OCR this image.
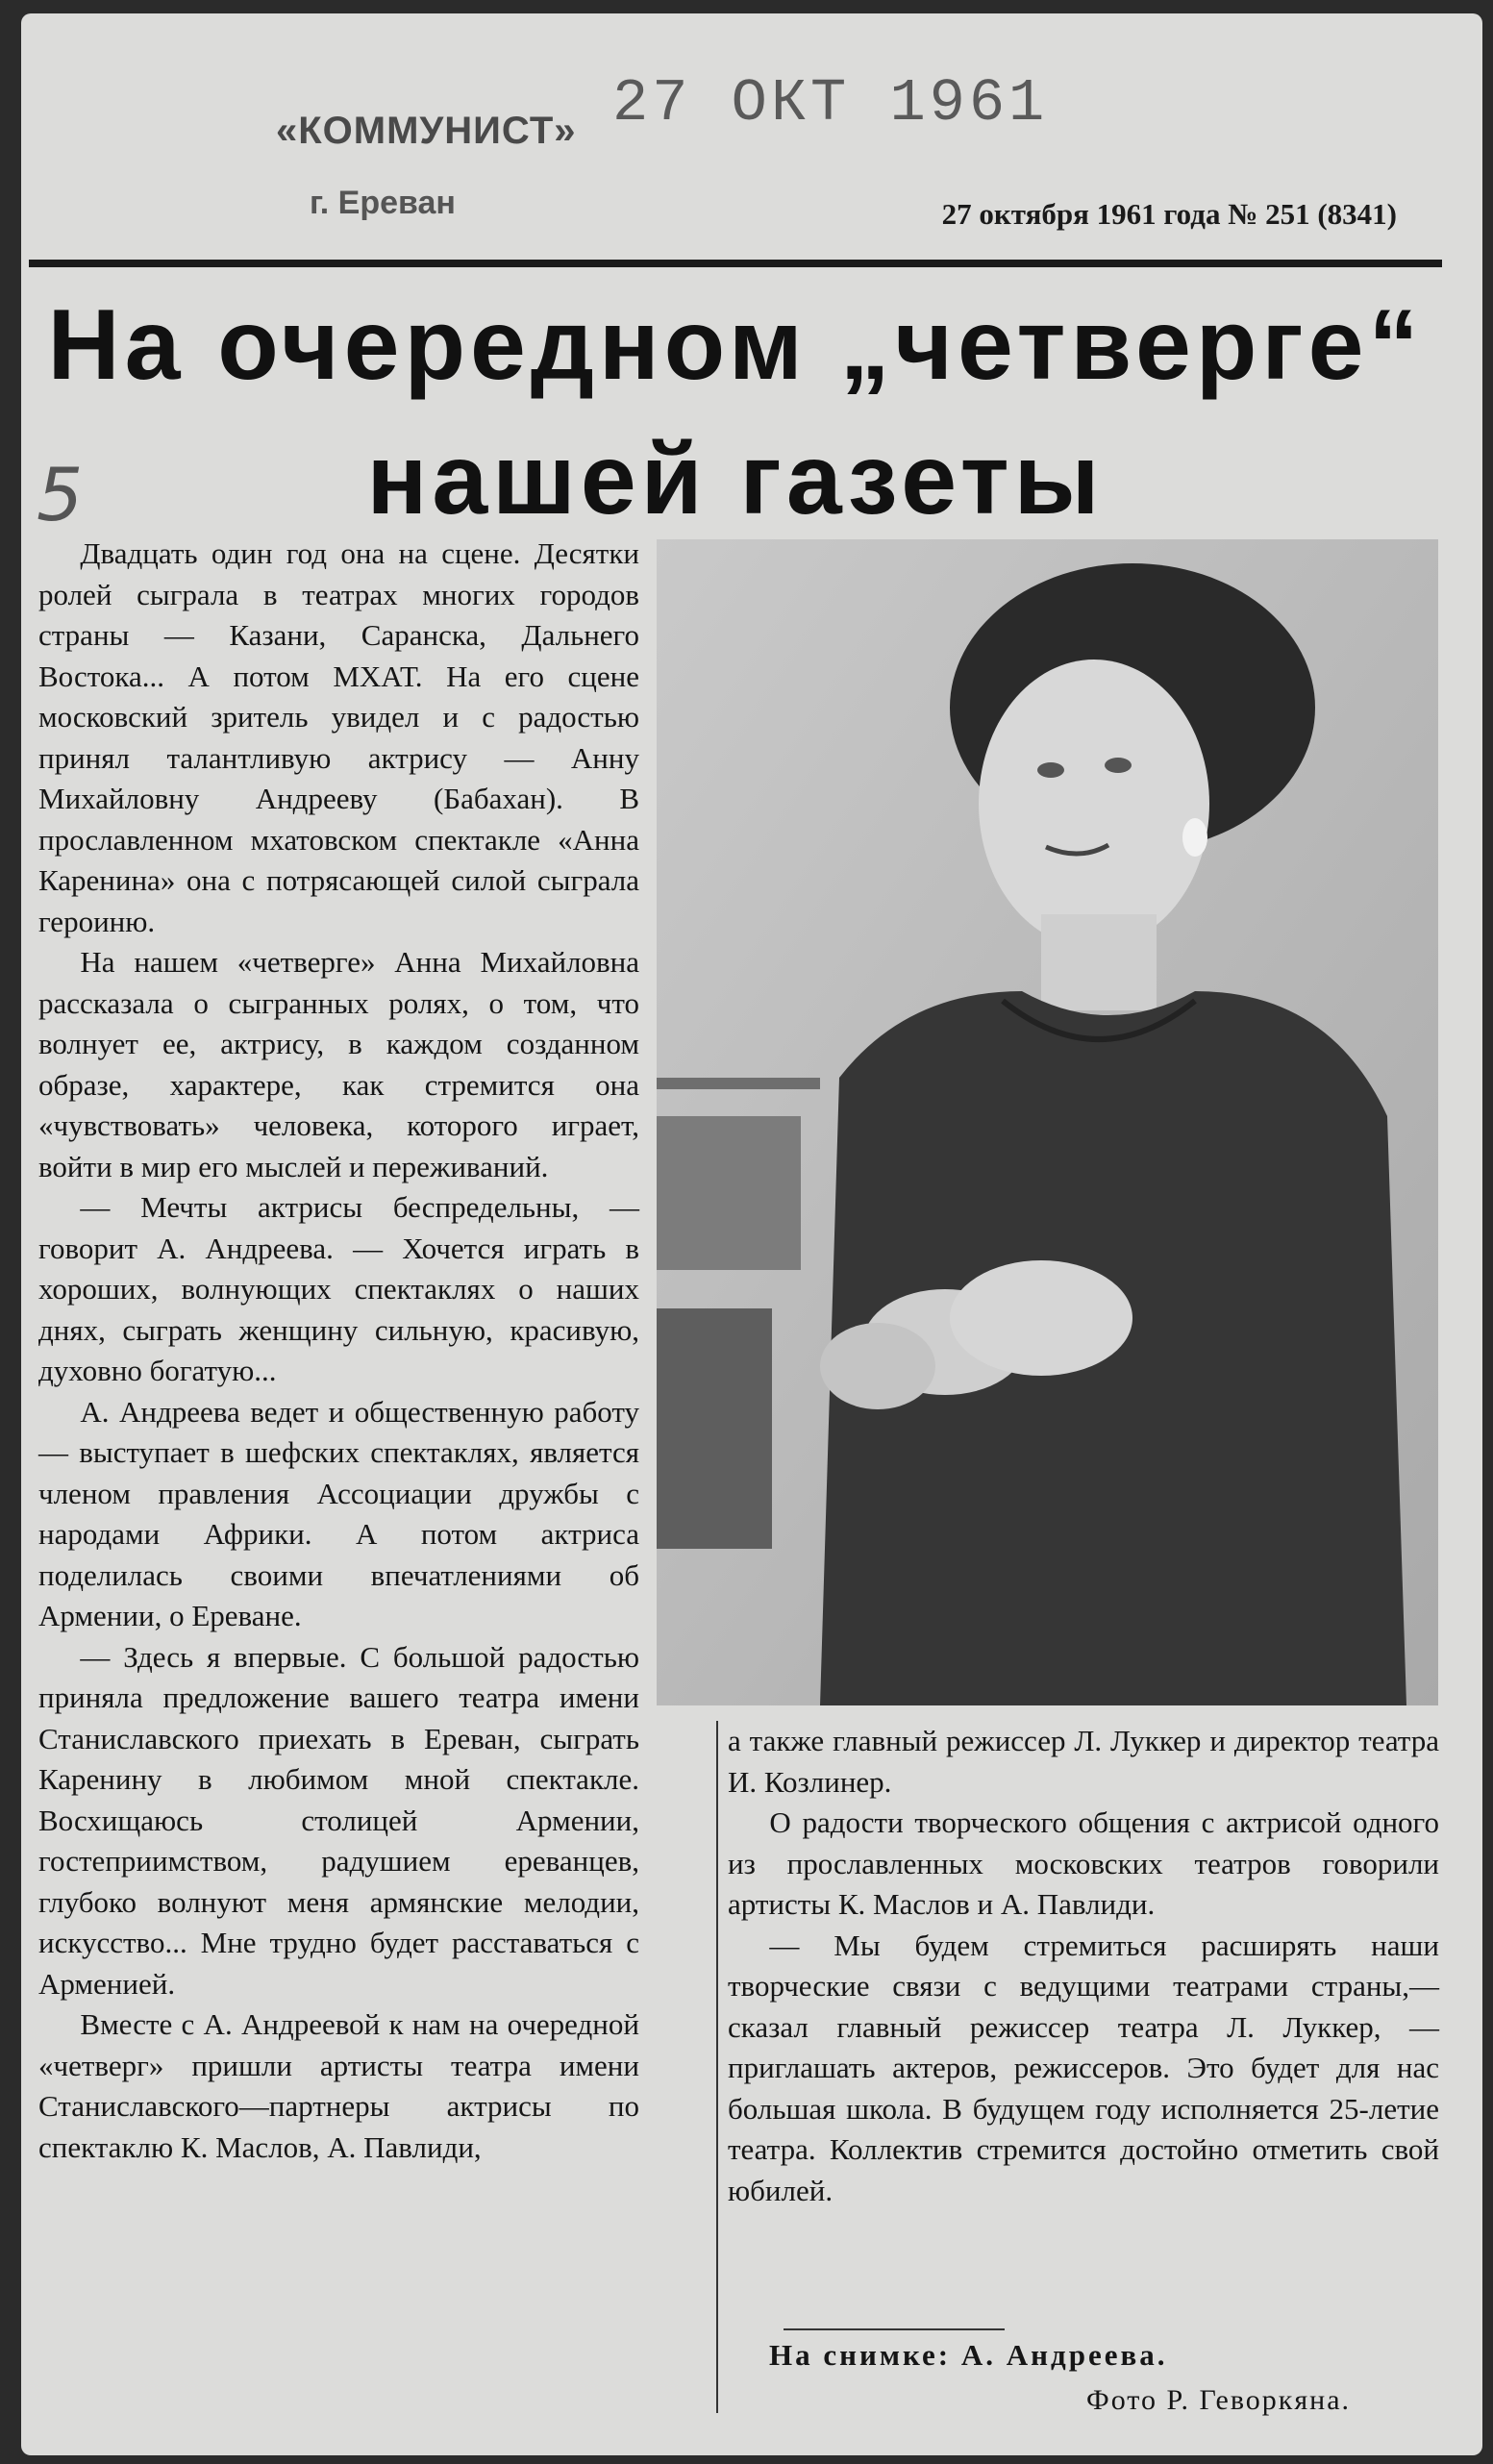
«КОММУНИСТ»
г. Ереван
27 ОКТ 1961
27 октября 1961 года № 251 (8341)
На очередном „четверге“
нашей газеты
5

Двадцать один год она на сцене. Десятки ролей сыграла в театрах многих городов страны — Казани, Саранска, Дальнего Востока... А потом МХАТ. На его сцене московский зритель увидел и с радостью принял талантливую актрису — Анну Михайловну Андрееву (Бабахан). В прославленном мхатовском спектакле «Анна Каренина» она с потрясающей силой сыграла героиню.

На нашем «четверге» Анна Михайловна рассказала о сыгранных ролях, о том, что волнует ее, актрису, в каждом созданном образе, характере, как стремится она «чувствовать» человека, которого играет, войти в мир его мыслей и переживаний.

— Мечты актрисы беспредельны, — говорит А. Андреева. — Хочется играть в хороших, волнующих спектаклях о наших днях, сыграть женщину сильную, красивую, духовно богатую...

А. Андреева ведет и общественную работу — выступает в шефских спектаклях, является членом правления Ассоциации дружбы с народами Африки. А потом актриса поделилась своими впечатлениями об Армении, о Ереване.

— Здесь я впервые. С большой радостью приняла предложение вашего театра имени Станиславского приехать в Ереван, сыграть Каренину в любимом мной спектакле. Восхищаюсь столицей Армении, гостеприимством, радушием ереванцев, глубоко волнуют меня армянские мелодии, искусство... Мне трудно будет расставаться с Арменией.

Вместе с А. Андреевой к нам на очередной «четверг» пришли артисты театра имени Станиславского—партнеры актрисы по спектаклю К. Маслов, А. Павлиди,

а также главный режиссер Л. Луккер и директор театра И. Козлинер.

О радости творческого общения с актрисой одного из прославленных московских театров говорили артисты К. Маслов и А. Павлиди.

— Мы будем стремиться расширять наши творческие связи с ведущими театрами страны,—сказал главный режиссер театра Л. Луккер, — приглашать актеров, режиссеров. Это будет для нас большая школа. В будущем году исполняется 25-летие театра. Коллектив стремится достойно отметить свой юбилей.

На снимке: А. Андреева.

Фото Р. Геворкяна.
